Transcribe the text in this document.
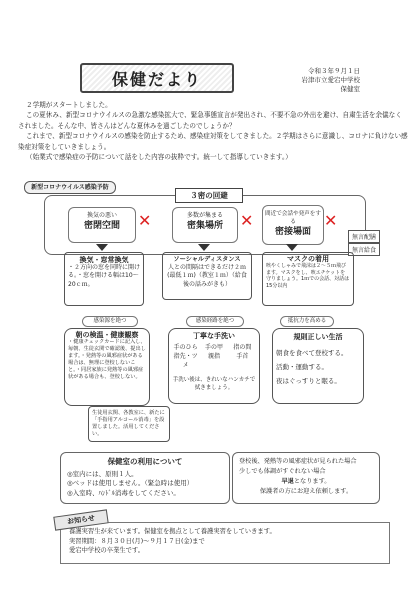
保健だより	令和３年９月１日
岩津市立愛宕中学校
保健室

２学期がスタートしました。

この夏休み、新型コロナウイルスの急激な感染拡大で、緊急事態宣言が発出され、不要不急の外出を避け、自粛生活を余儀なくされました。そんな中、皆さんはどんな夏休みを過ごしたのでしょうか？

これまで、新型コロナウイルスの感染を防止するため、感染症対策をしてきました。２学期はさらに意識し、コロナに負けない感染症対策をしていきましょう。

（始業式で感染症の予防について話をした内容の抜粋です。統一して指導していきます。）

新型コロナウイルス感染予防
３密の回避
換気の悪い
密閉空間	✕	多数が集まる
密集場所	✕	間近で会話や発声をする
密接場面
✕
無言配膳
無言給食
換気・窓常換気
・２方向の窓を同時に開ける。・窓を開ける幅は10～20ｃｍ。
ソーシャルディスタンス
人との間隔はできるだけ２ｍ(最低１ｍ)（教室１ｍ）（給食後の話みがきも）
マスクの着用
咳やくしゃみで飛沫は２～５ｍ飛びます。マスクをし、咳エチケットを守りましょう。1ｍでの会話、対話は15分以内
感染源を絶つ	感染経路を絶つ	抵抗力を高める
朝の検温・健康観察
・健康チェックカードに記入し、毎朝、生徒玄関で確認後、提出します。・発熱等の風邪症状がある場合は、無理に登校しないこと。・同居家族に発熱等の風邪症状がある場合も、登校しない。
生徒用玄関、各教室に、新たに「手指用アルコール消毒」を設置しました。活用してください。
丁寧な手洗い
手のひら	手の甲	指の間
指先・ツメ
親指	手首
手洗い後は、きれいなハンカチで拭きましょう。
規則正しい生活
朝食を食べて登校する。
活動・運動する。
夜はぐっすりと眠る。
保健室の利用について
◎室内には、原則１人。
◎ベッドは使用しません。（緊急時は使用）
◎入室時、ﾊﾝﾄﾞﾙ消毒をしてください。
登校後、発熱等の風邪症状が見られた場合
少しでも体調がすぐれない場合
早退となります。
保護者の方にお迎え依頼します。
養護実習生が来ています。保健室を拠点として養護実習をしていきます。
実習期間：８月３０日(月)～９月１７日(金)まで
愛宕中学校の卒業生です。
お知らせ
